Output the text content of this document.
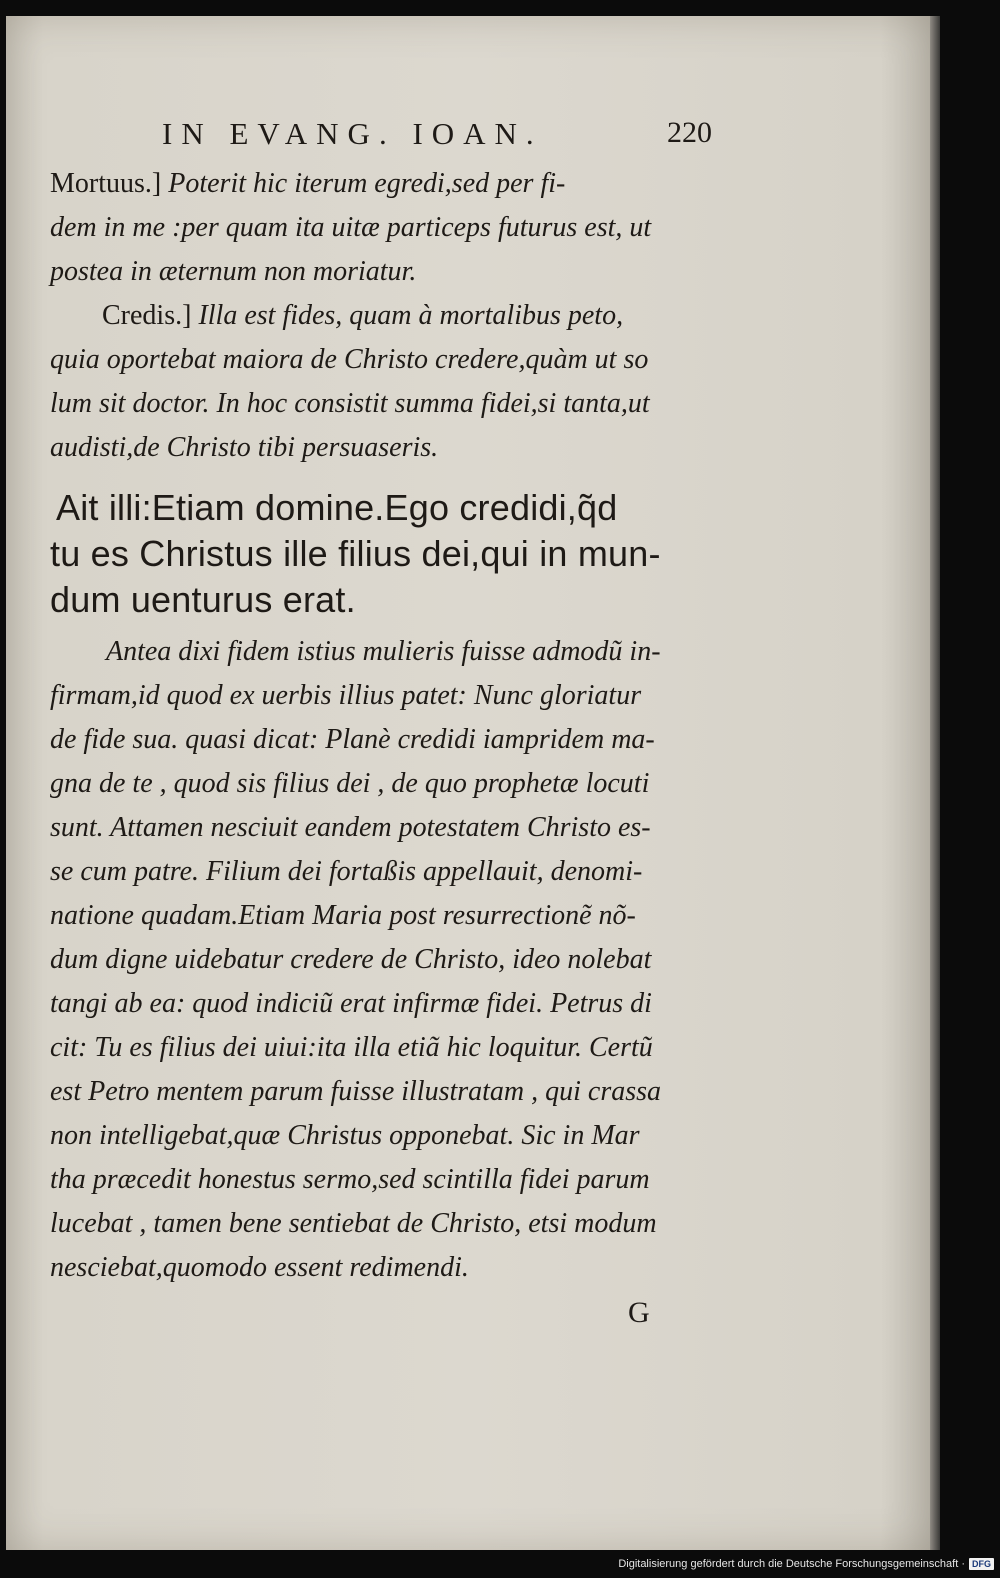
IN EVANG. IOAN.	220
Mortuus.] Poterit hic iterum egredi,sed per fi-
dem in me :per quam ita uitæ particeps futurus est, ut
postea in æternum non moriatur.
Credis.] Illa est fides, quam à mortalibus peto,
quia oportebat maiora de Christo credere,quàm ut so
lum sit doctor. In hoc consistit summa fidei,si tanta,ut
audisti,de Christo tibi persuaseris.
Ait illi:Etiam domine.Ego credidi,q̃d
tu es Christus ille filius dei,qui in mun-
dum uenturus erat.
Antea dixi fidem istius mulieris fuisse admodũ in-
firmam,id quod ex uerbis illius patet: Nunc gloriatur
de fide sua. quasi dicat: Planè credidi iampridem ma-
gna de te , quod sis filius dei , de quo prophetæ locuti
sunt. Attamen nesciuit eandem potestatem Christo es-
se cum patre. Filium dei fortaßis appellauit, denomi-
natione quadam.Etiam Maria post resurrectionẽ nõ-
dum digne uidebatur credere de Christo, ideo nolebat
tangi ab ea: quod indiciũ erat infirmæ fidei. Petrus di
cit: Tu es filius dei uiui:ita illa etiã hic loquitur. Certũ
est Petro mentem parum fuisse illustratam , qui crassa
non intelligebat,quæ Christus opponebat. Sic in Mar
tha præcedit honestus sermo,sed scintilla fidei parum
lucebat , tamen bene sentiebat de Christo, etsi modum
nesciebat,quomodo essent redimendi.
G
Digitalisierung gefördert durch die Deutsche Forschungsgemeinschaft · DFG
